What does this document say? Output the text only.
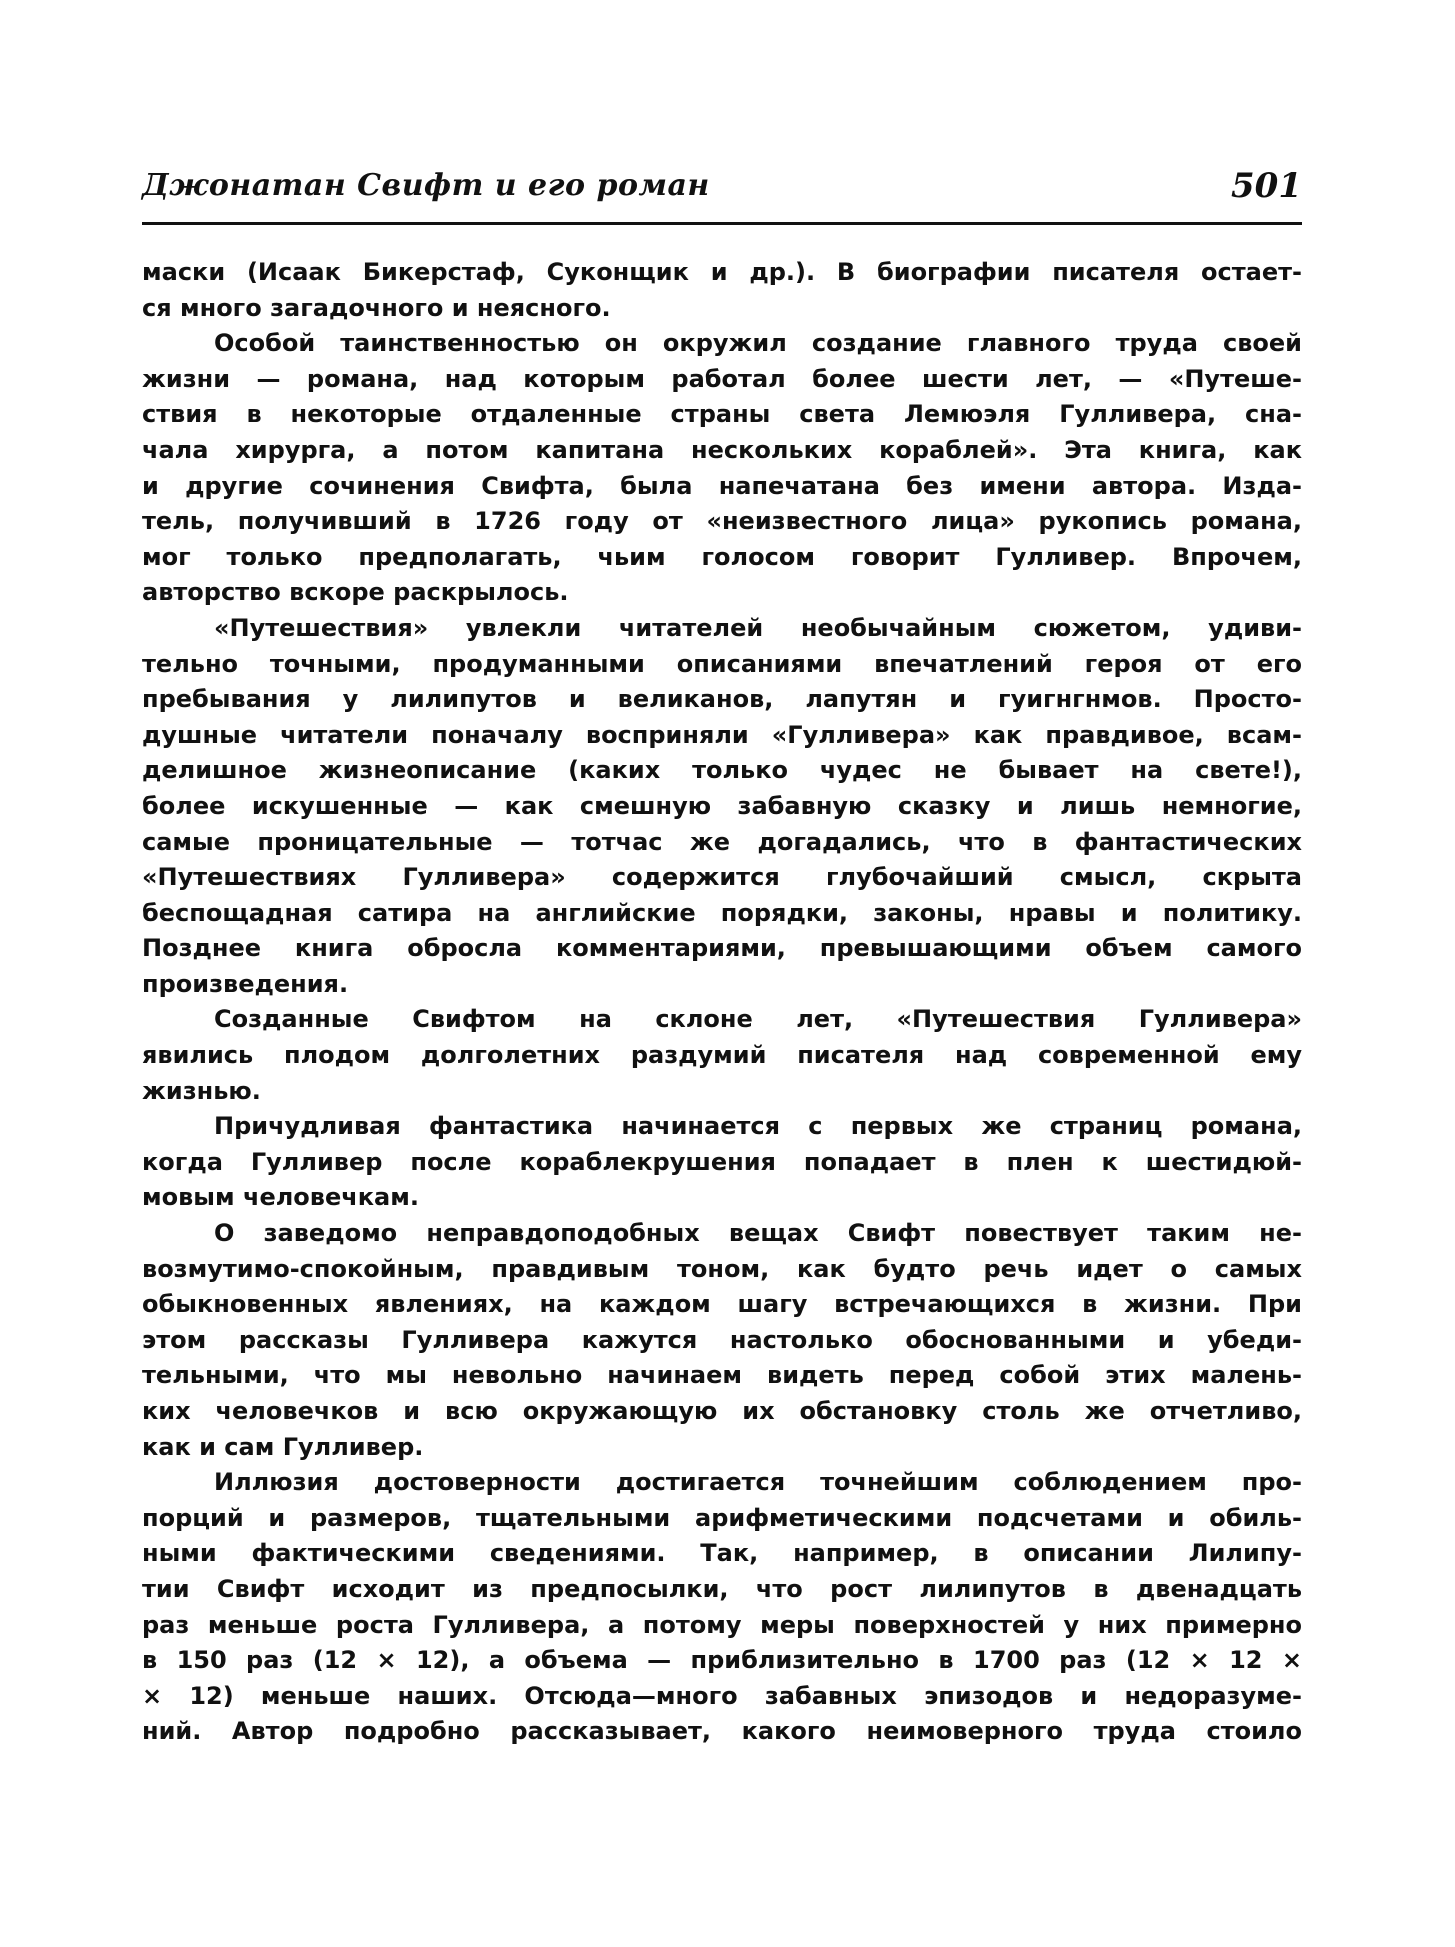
Джонатан Свифт и его роман	501
маски (Исаак Бикерстаф, Суконщик и др.). В биографии писателя остает-
ся много загадочного и неясного.
Особой таинственностью он окружил создание главного труда своей
жизни — романа, над которым работал более шести лет, — «Путеше-
ствия в некоторые отдаленные страны света Лемюэля Гулливера, сна-
чала хирурга, а потом капитана нескольких кораблей». Эта книга, как
и другие сочинения Свифта, была напечатана без имени автора. Изда-
тель, получивший в 1726 году от «неизвестного лица» рукопись романа,
мог только предполагать, чьим голосом говорит Гулливер. Впрочем,
авторство вскоре раскрылось.
«Путешествия» увлекли читателей необычайным сюжетом, удиви-
тельно точными, продуманными описаниями впечатлений героя от его
пребывания у лилипутов и великанов, лапутян и гуигнгнмов. Просто-
душные читатели поначалу восприняли «Гулливера» как правдивое, всам-
делишное жизнеописание (каких только чудес не бывает на свете!),
более искушенные — как смешную забавную сказку и лишь немногие,
самые проницательные — тотчас же догадались, что в фантастических
«Путешествиях Гулливера» содержится глубочайший смысл, скрыта
беспощадная сатира на английские порядки, законы, нравы и политику.
Позднее книга обросла комментариями, превышающими объем самого
произведения.
Созданные Свифтом на склоне лет, «Путешествия Гулливера»
явились плодом долголетних раздумий писателя над современной ему
жизнью.
Причудливая фантастика начинается с первых же страниц романа,
когда Гулливер после кораблекрушения попадает в плен к шестидюй-
мовым человечкам.
О заведомо неправдоподобных вещах Свифт повествует таким не-
возмутимо-спокойным, правдивым тоном, как будто речь идет о самых
обыкновенных явлениях, на каждом шагу встречающихся в жизни. При
этом рассказы Гулливера кажутся настолько обоснованными и убеди-
тельными, что мы невольно начинаем видеть перед собой этих малень-
ких человечков и всю окружающую их обстановку столь же отчетливо,
как и сам Гулливер.
Иллюзия достоверности достигается точнейшим соблюдением про-
порций и размеров, тщательными арифметическими подсчетами и обиль-
ными фактическими сведениями. Так, например, в описании Лилипу-
тии Свифт исходит из предпосылки, что рост лилипутов в двенадцать
раз меньше роста Гулливера, а потому меры поверхностей у них примерно
в 150 раз (12 × 12), а объема — приблизительно в 1700 раз (12 × 12 ×
× 12) меньше наших. Отсюда—много забавных эпизодов и недоразуме-
ний. Автор подробно рассказывает, какого неимоверного труда стоило
